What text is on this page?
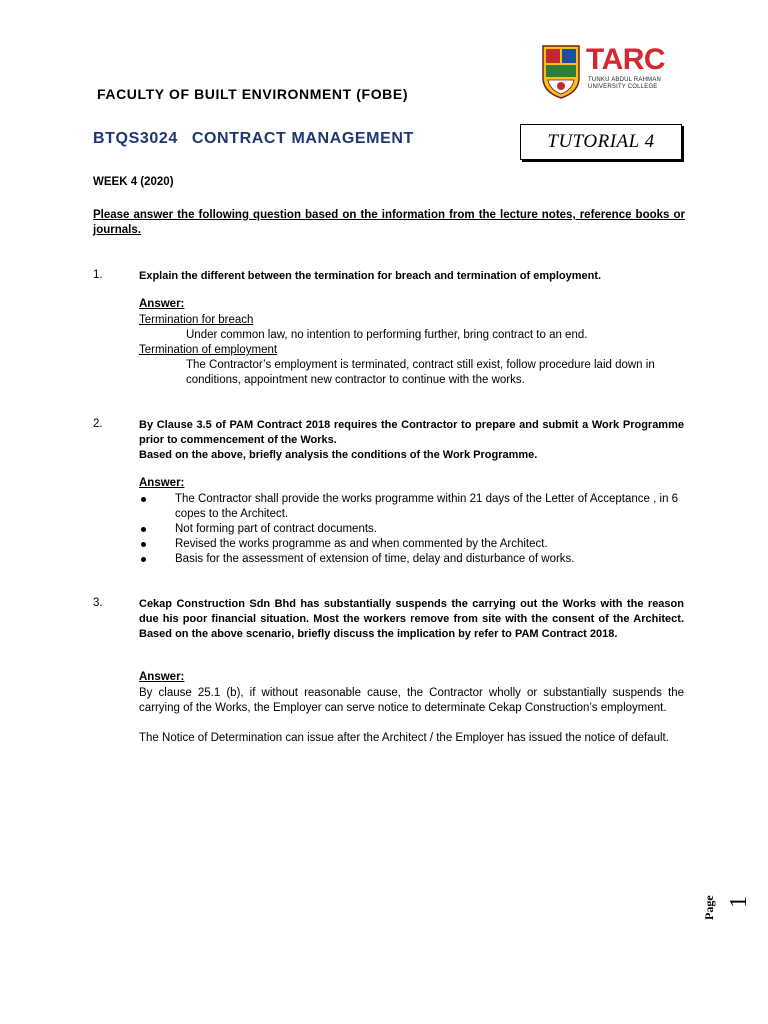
TARC
TUNKU ABDUL RAHMAN
UNIVERSITY COLLEGE
FACULTY OF BUILT ENVIRONMENT (FOBE)
BTQS3024 CONTRACT MANAGEMENT	TUTORIAL 4
WEEK 4 (2020)
Please answer the following question based on the information from the lecture notes, reference books or journals.
1.	Explain the different between the termination for breach and termination of employment.
Answer:
Termination for breach
Under common law, no intention to performing further, bring contract to an end.
Termination of employment
The Contractor’s employment is terminated, contract still exist, follow procedure laid down in conditions, appointment new contractor to continue with the works.
2.	By Clause 3.5 of PAM Contract 2018 requires the Contractor to prepare and submit a Work Programme prior to commencement of the Works.
Based on the above, briefly analysis the conditions of the Work Programme.
Answer:
The Contractor shall provide the works programme within 21 days of the Letter of Acceptance , in 6 copes to the Architect.
Not forming part of contract documents.
Revised the works programme as and when commented by the Architect.
Basis for the assessment of extension of time, delay and disturbance of works.
3.	Cekap Construction Sdn Bhd has substantially suspends the carrying out the Works with the reason due his poor financial situation. Most the workers remove from site with the consent of the Architect. Based on the above scenario, briefly discuss the implication by refer to PAM Contract 2018.
Answer:
By clause 25.1 (b), if without reasonable cause, the Contractor wholly or substantially suspends the carrying of the Works, the Employer can serve notice to determinate Cekap Construction’s employment.
The Notice of Determination can issue after the Architect / the Employer has issued the notice of default.
Page 1
